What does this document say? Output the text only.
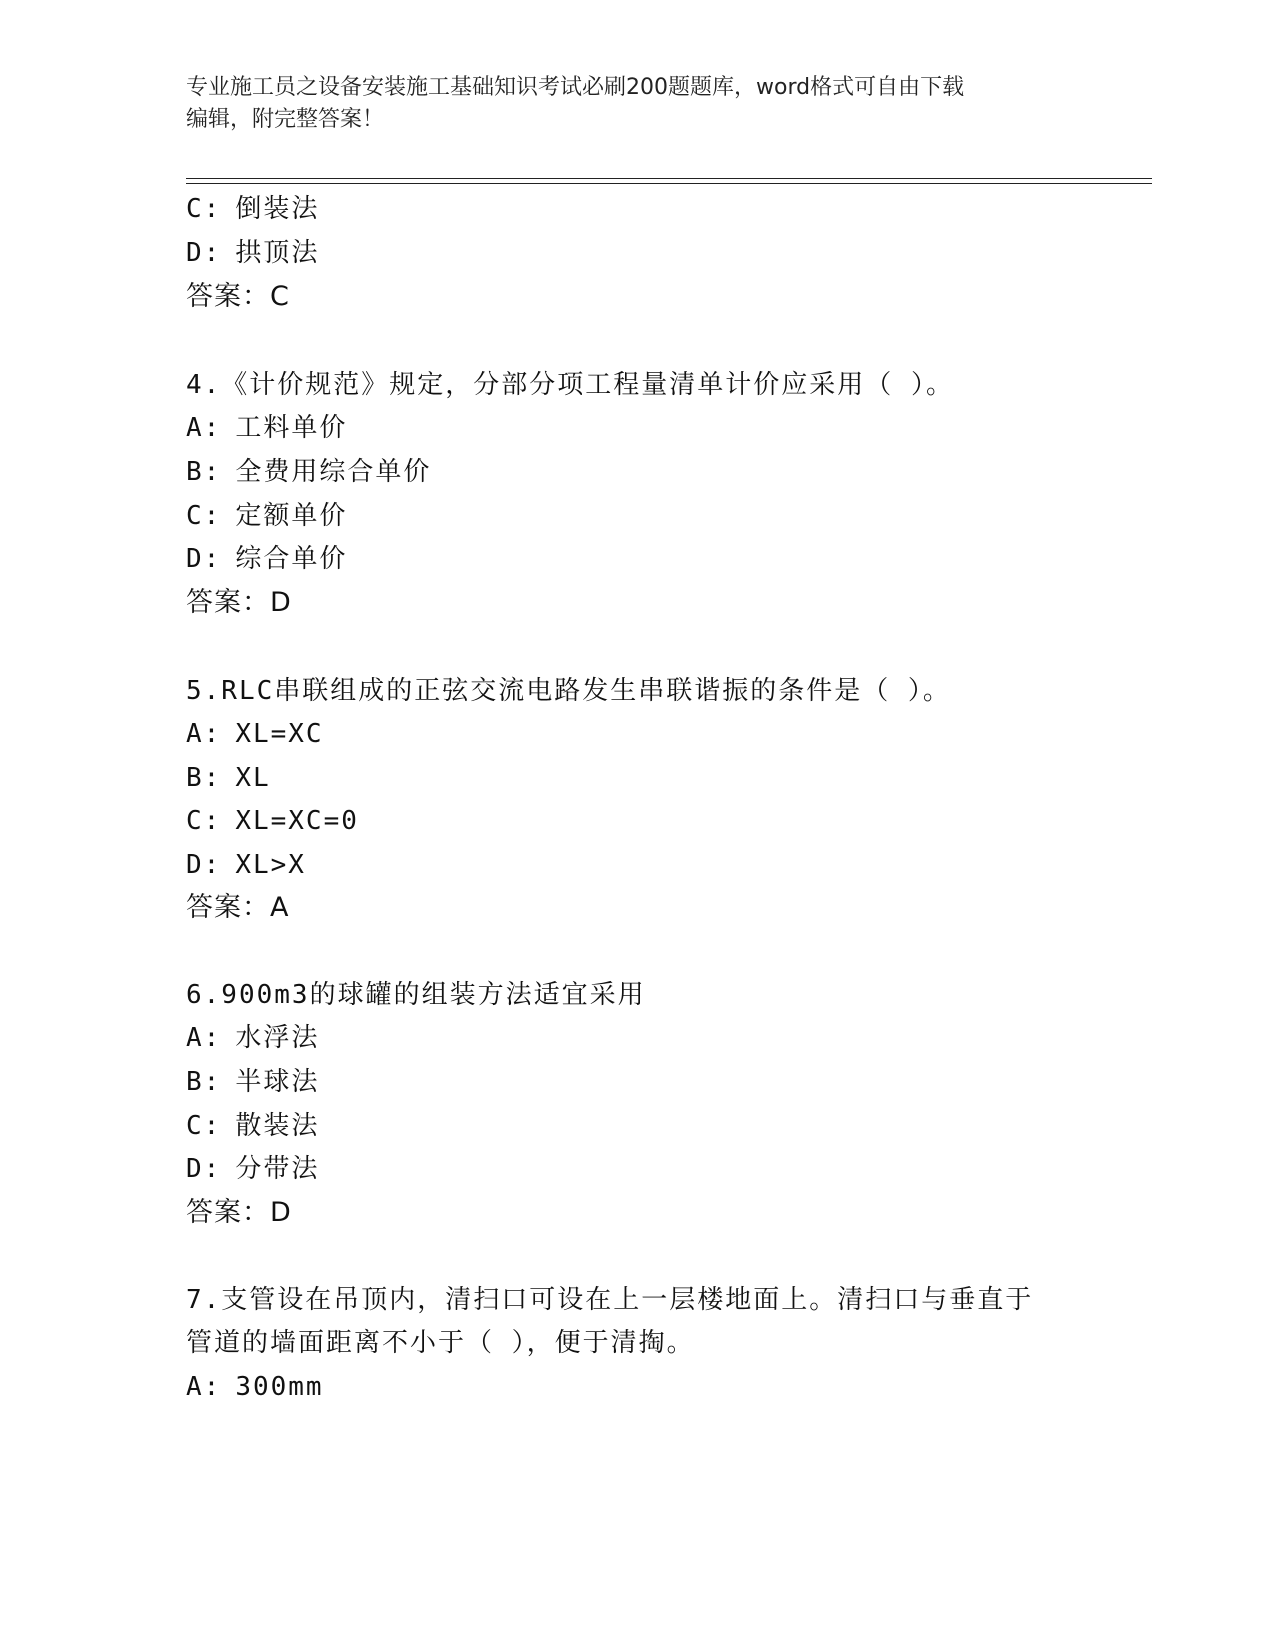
专业施工员之设备安装施工基础知识考试必刷200题题库，word格式可自由下载
编辑，附完整答案！
C: 倒装法
D: 拱顶法
答案：C
4.《计价规范》规定，分部分项工程量清单计价应采用（ ）。
A: 工料单价
B: 全费用综合单价
C: 定额单价
D: 综合单价
答案：D
5.RLC串联组成的正弦交流电路发生串联谐振的条件是（ ）。
A: XL=XC
B: XL
C: XL=XC=0
D: XL>X
答案：A
6.900m3的球罐的组装方法适宜采用
A: 水浮法
B: 半球法
C: 散装法
D: 分带法
答案：D
7.支管设在吊顶内，清扫口可设在上一层楼地面上。清扫口与垂直于
管道的墙面距离不小于（ ），便于清掏。
A: 300mm
